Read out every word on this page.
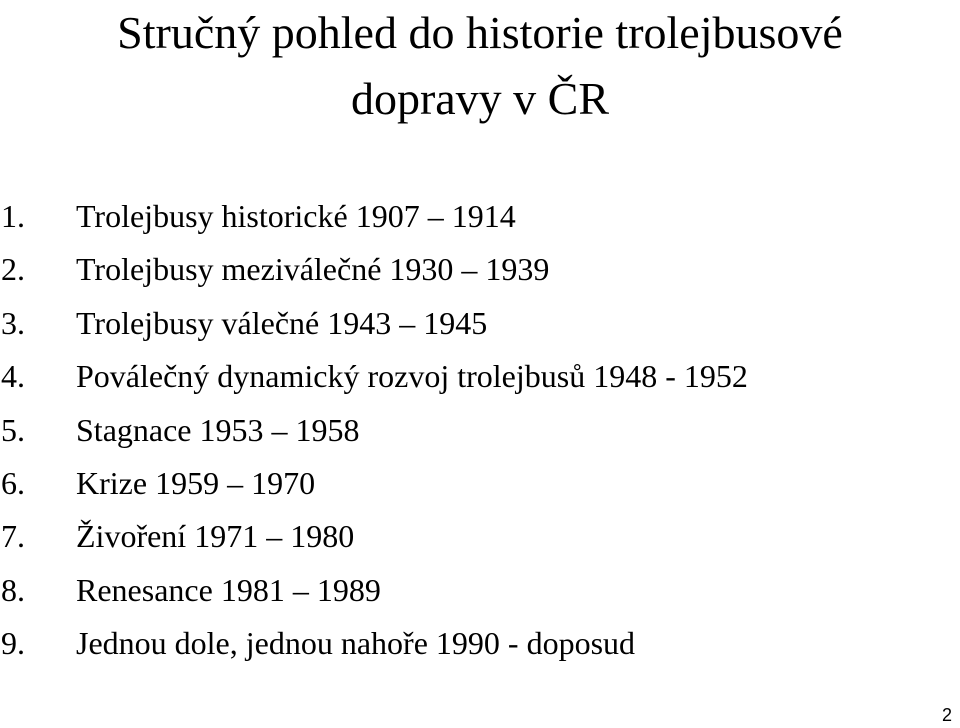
Stručný pohled do historie trolejbusové
dopravy v ČR
1.	Trolejbusy historické 1907 – 1914
2.	Trolejbusy meziválečné 1930 – 1939
3.	Trolejbusy válečné 1943 – 1945
4.	Poválečný dynamický rozvoj trolejbusů 1948 - 1952
5.	Stagnace 1953 – 1958
6.	Krize 1959 – 1970
7.	Živoření 1971 – 1980
8.	Renesance 1981 – 1989
9.	Jednou dole, jednou nahoře 1990 - doposud
2
